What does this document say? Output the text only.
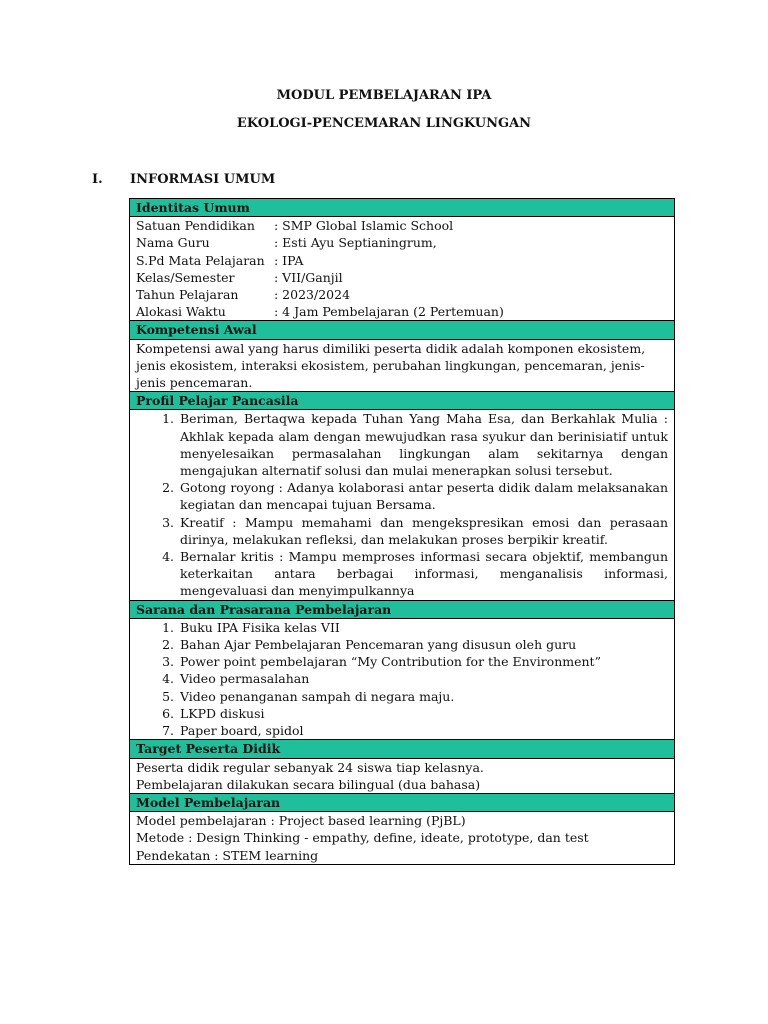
MODUL PEMBELAJARAN IPA
EKOLOGI-PENCEMARAN LINGKUNGAN
I. INFORMASI UMUM
Identitas Umum

Satuan Pendidikan	: SMP Global Islamic School
Nama Guru	: Esti Ayu Septianingrum,
S.Pd Mata Pelajaran : IPA
Kelas/Semester	: VII/Ganjil
Tahun Pelajaran	: 2023/2024
Alokasi Waktu	: 4 Jam Pembelajaran (2 Pertemuan)

Kompetensi Awal
Kompetensi awal yang harus dimiliki peserta didik adalah komponen ekosistem, jenis ekosistem, interaksi ekosistem, perubahan lingkungan, pencemaran, jenis-jenis pencemaran.
Profil Pelajar Pancasila

1. Beriman, Bertaqwa kepada Tuhan Yang Maha Esa, dan Berkahlak Mulia : Akhlak kepada alam dengan mewujudkan rasa syukur dan berinisiatif untuk menyelesaikan permasalahan lingkungan alam sekitarnya dengan mengajukan alternatif solusi dan mulai menerapkan solusi tersebut.
2. Gotong royong : Adanya kolaborasi antar peserta didik dalam melaksanakan kegiatan dan mencapai tujuan Bersama.
3. Kreatif : Mampu memahami dan mengekspresikan emosi dan perasaan dirinya, melakukan refleksi, dan melakukan proses berpikir kreatif.
4. Bernalar kritis : Mampu memproses informasi secara objektif, membangun keterkaitan antara berbagai informasi, menganalisis informasi, mengevaluasi dan menyimpulkannya

Sarana dan Prasarana Pembelajaran

1. Buku IPA Fisika kelas VII
2. Bahan Ajar Pembelajaran Pencemaran yang disusun oleh guru
3. Power point pembelajaran “My Contribution for the Environment”
4. Video permasalahan
5. Video penanganan sampah di negara maju.
6. LKPD diskusi
7. Paper board, spidol

Target Peserta Didik

Peserta didik regular sebanyak 24 siswa tiap kelasnya.
Pembelajaran dilakukan secara bilingual (dua bahasa)

Model Pembelajaran

Model pembelajaran : Project based learning (PjBL)
Metode : Design Thinking - empathy, define, ideate, prototype, dan test
Pendekatan : STEM learning
